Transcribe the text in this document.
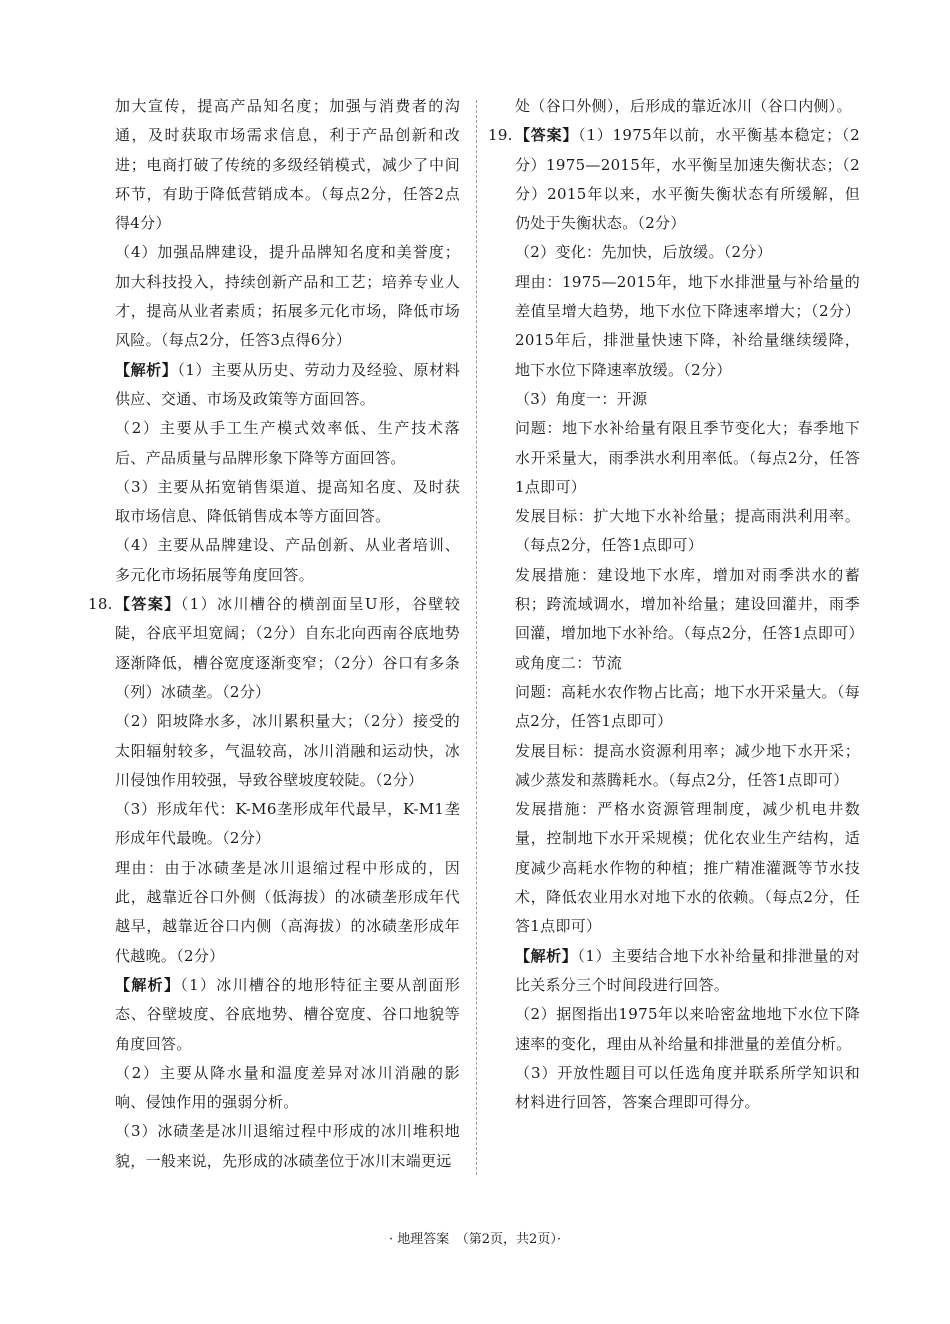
加大宣传，提高产品知名度；加强与消费者的沟通，及时获取市场需求信息，利于产品创新和改进；电商打破了传统的多级经销模式，减少了中间环节，有助于降低营销成本。（每点2分，任答2点得4分）

（4）加强品牌建设，提升品牌知名度和美誉度；加大科技投入，持续创新产品和工艺；培养专业人才，提高从业者素质；拓展多元化市场，降低市场风险。（每点2分，任答3点得6分）

【解析】（1）主要从历史、劳动力及经验、原材料供应、交通、市场及政策等方面回答。

（2）主要从手工生产模式效率低、生产技术落后、产品质量与品牌形象下降等方面回答。

（3）主要从拓宽销售渠道、提高知名度、及时获取市场信息、降低销售成本等方面回答。

（4）主要从品牌建设、产品创新、从业者培训、多元化市场拓展等角度回答。

18. 【答案】（1）冰川槽谷的横剖面呈U形，谷壁较陡，谷底平坦宽阔；（2分）自东北向西南谷底地势逐渐降低，槽谷宽度逐渐变窄；（2分）谷口有多条（列）冰碛垄。（2分）

（2）阳坡降水多，冰川累积量大；（2分）接受的太阳辐射较多，气温较高，冰川消融和运动快，冰川侵蚀作用较强，导致谷壁坡度较陡。（2分）

（3）形成年代：K-M6垄形成年代最早，K-M1垄形成年代最晚。（2分）

理由：由于冰碛垄是冰川退缩过程中形成的，因此，越靠近谷口外侧（低海拔）的冰碛垄形成年代越早，越靠近谷口内侧（高海拔）的冰碛垄形成年代越晚。（2分）

【解析】（1）冰川槽谷的地形特征主要从剖面形态、谷壁坡度、谷底地势、槽谷宽度、谷口地貌等角度回答。

（2）主要从降水量和温度差异对冰川消融的影响、侵蚀作用的强弱分析。

（3）冰碛垄是冰川退缩过程中形成的冰川堆积地貌，一般来说，先形成的冰碛垄位于冰川末端更远

处（谷口外侧），后形成的靠近冰川（谷口内侧）。

19. 【答案】（1）1975年以前，水平衡基本稳定；（2分）1975—2015年，水平衡呈加速失衡状态；（2分）2015年以来，水平衡失衡状态有所缓解，但仍处于失衡状态。（2分）

（2）变化：先加快，后放缓。（2分）

理由：1975—2015年，地下水排泄量与补给量的差值呈增大趋势，地下水位下降速率增大；（2分）2015年后，排泄量快速下降，补给量继续缓降，地下水位下降速率放缓。（2分）

（3）角度一：开源

问题：地下水补给量有限且季节变化大；春季地下水开采量大，雨季洪水利用率低。（每点2分，任答1点即可）

发展目标：扩大地下水补给量；提高雨洪利用率。（每点2分，任答1点即可）

发展措施：建设地下水库，增加对雨季洪水的蓄积；跨流域调水，增加补给量；建设回灌井，雨季回灌，增加地下水补给。（每点2分，任答1点即可）

或角度二：节流

问题：高耗水农作物占比高；地下水开采量大。（每点2分，任答1点即可）

发展目标：提高水资源利用率；减少地下水开采；减少蒸发和蒸腾耗水。（每点2分，任答1点即可）

发展措施：严格水资源管理制度，减少机电井数量，控制地下水开采规模；优化农业生产结构，适度减少高耗水作物的种植；推广精准灌溉等节水技术，降低农业用水对地下水的依赖。（每点2分，任答1点即可）

【解析】（1）主要结合地下水补给量和排泄量的对比关系分三个时间段进行回答。

（2）据图指出1975年以来哈密盆地地下水位下降速率的变化，理由从补给量和排泄量的差值分析。

（3）开放性题目可以任选角度并联系所学知识和材料进行回答，答案合理即可得分。

· 地理答案　（第2页，共2页）·
